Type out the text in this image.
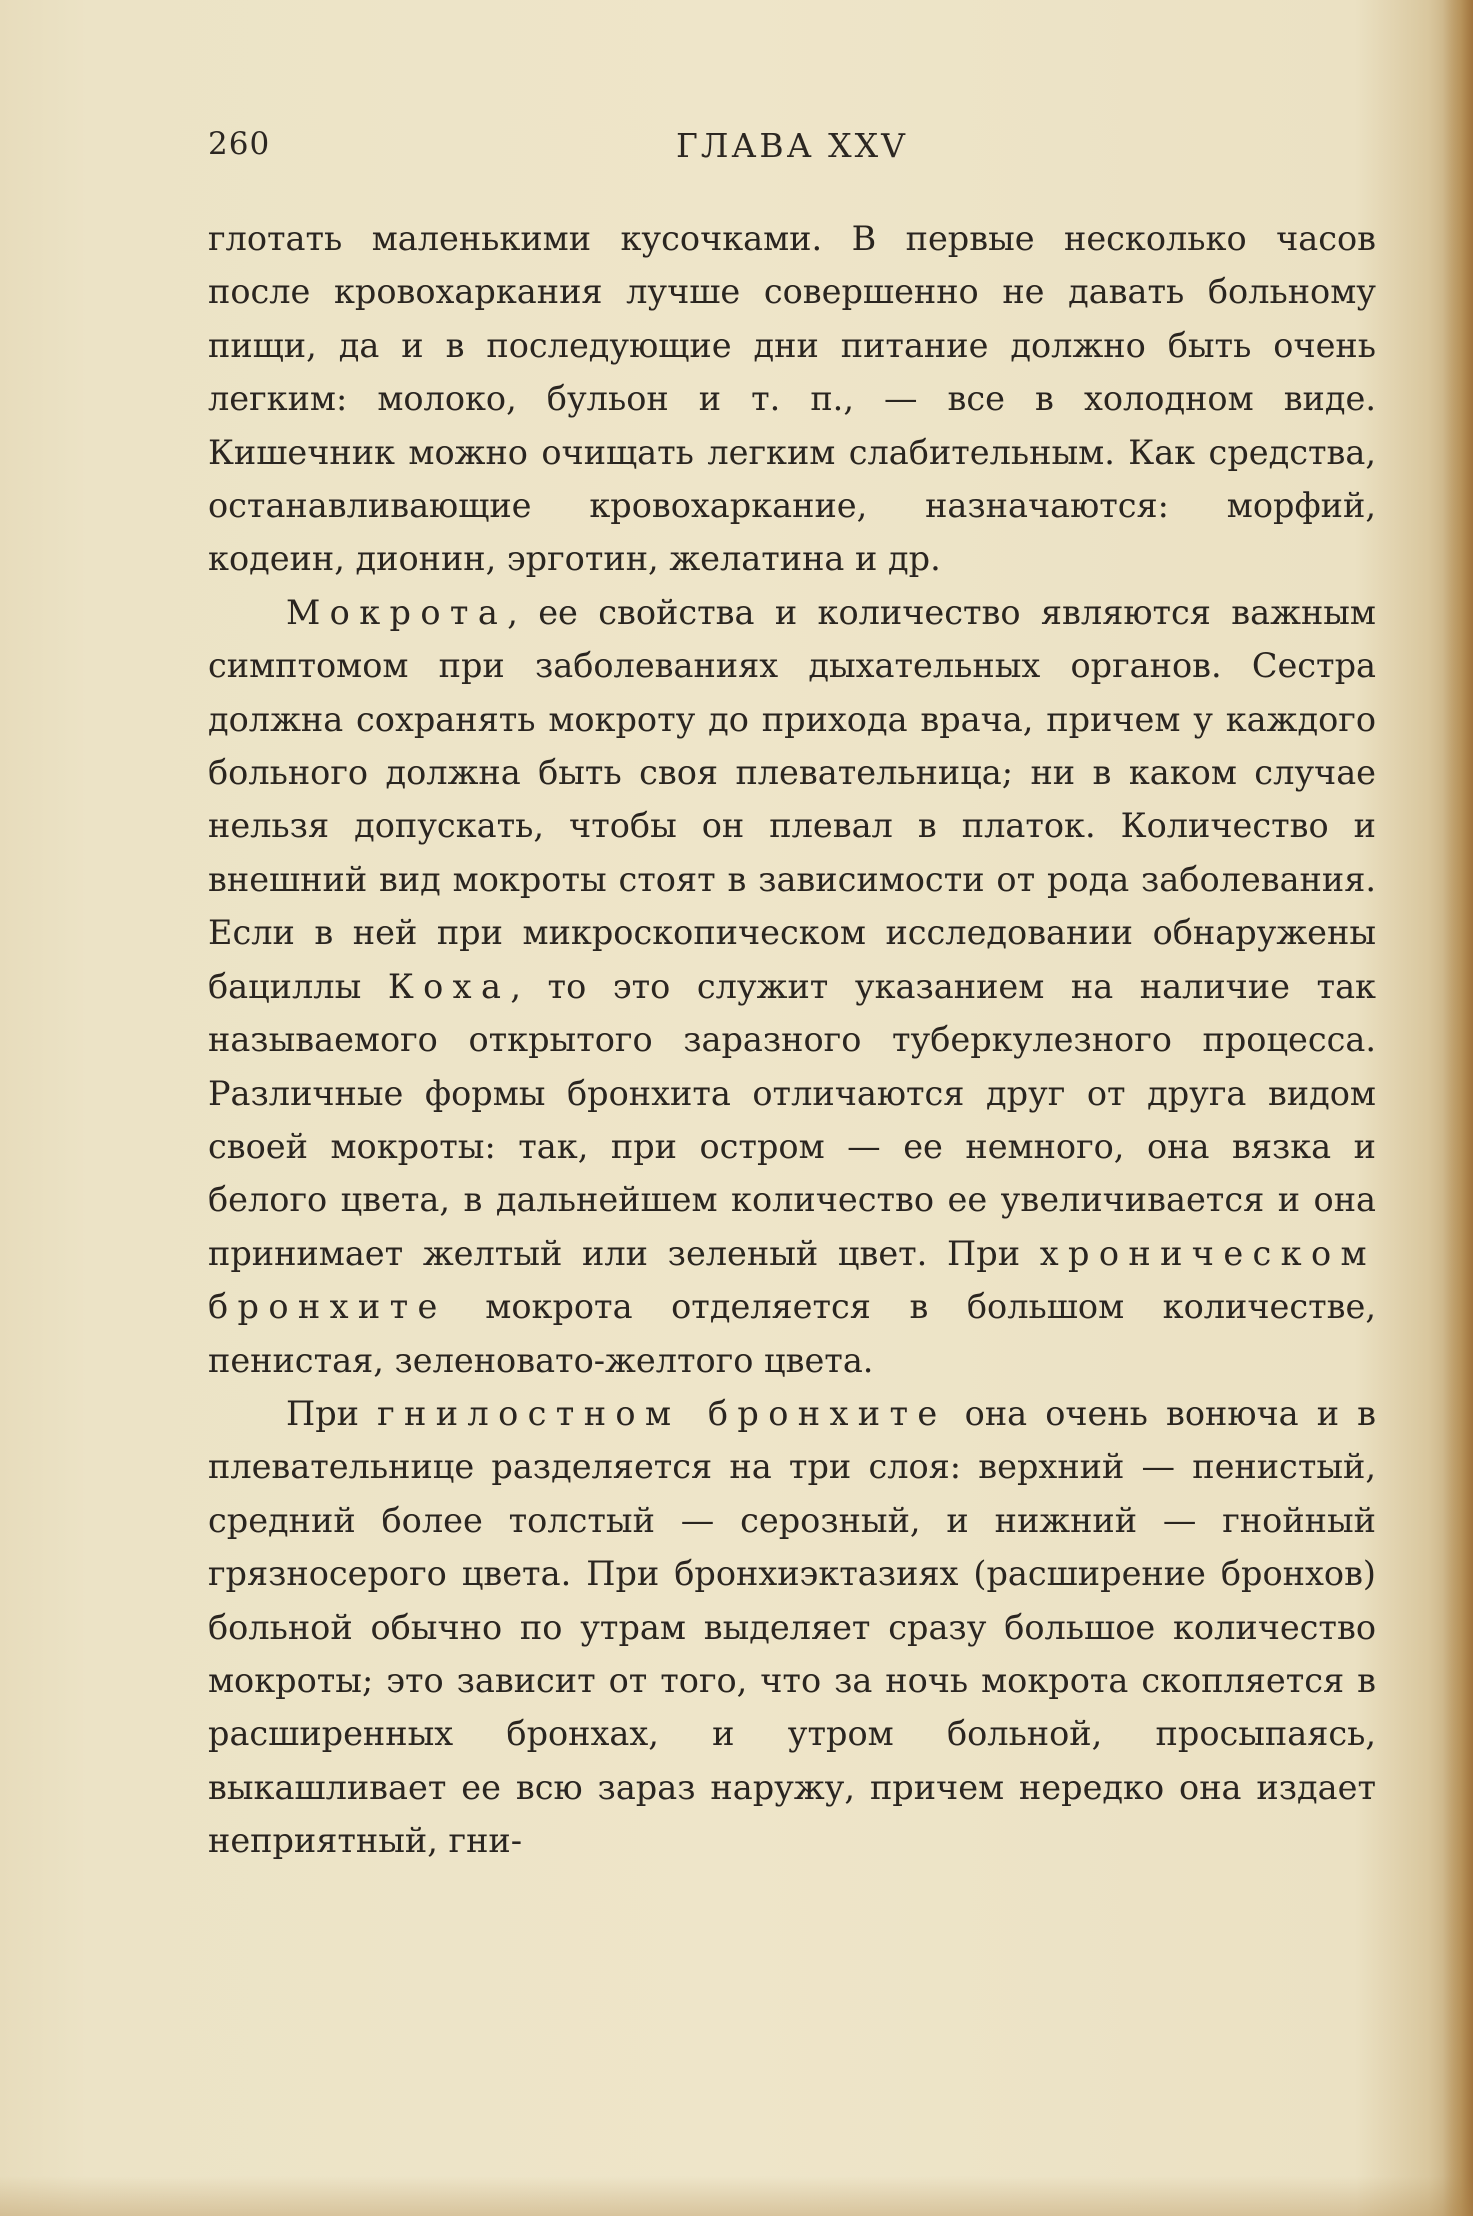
260	ГЛАВА XXV

глотать маленькими кусочками. В первые несколько часов после кровохаркания лучше совершенно не давать больному пищи, да и в последующие дни питание должно быть очень легким: молоко, бульон и т. п., — все в холодном виде. Кишечник можно очищать легким слабительным. Как средства, останавливающие кровохаркание, назначаются: морфий, кодеин, дионин, эрготин, желатина и др.

Мокрота, ее свойства и количество являются важным симптомом при заболеваниях дыхательных органов. Сестра должна сохранять мокроту до прихода врача, причем у каждого больного должна быть своя плевательница; ни в каком случае нельзя допускать, чтобы он плевал в платок. Количество и внешний вид мокроты стоят в зависимости от рода заболевания. Если в ней при микроскопическом исследовании обнаружены бациллы Коха, то это служит указанием на наличие так называемого открытого заразного туберкулезного процесса. Различные формы бронхита отличаются друг от друга видом своей мокроты: так, при остром — ее немного, она вязка и белого цвета, в дальнейшем количество ее увеличивается и она принимает желтый или зеленый цвет. При хроническом бронхите мокрота отделяется в большом количестве, пенистая, зеленовато-желтого цвета.

При гнилостном бронхите она очень вонюча и в плевательнице разделяется на три слоя: верхний — пенистый, средний более толстый — серозный, и нижний — гнойный грязносерого цвета. При бронхиэктазиях (расширение бронхов) больной обычно по утрам выделяет сразу большое количество мокроты; это зависит от того, что за ночь мокрота скопляется в расширенных бронхах, и утром больной, просыпаясь, выкашливает ее всю зараз наружу, причем нередко она издает неприятный, гни-
